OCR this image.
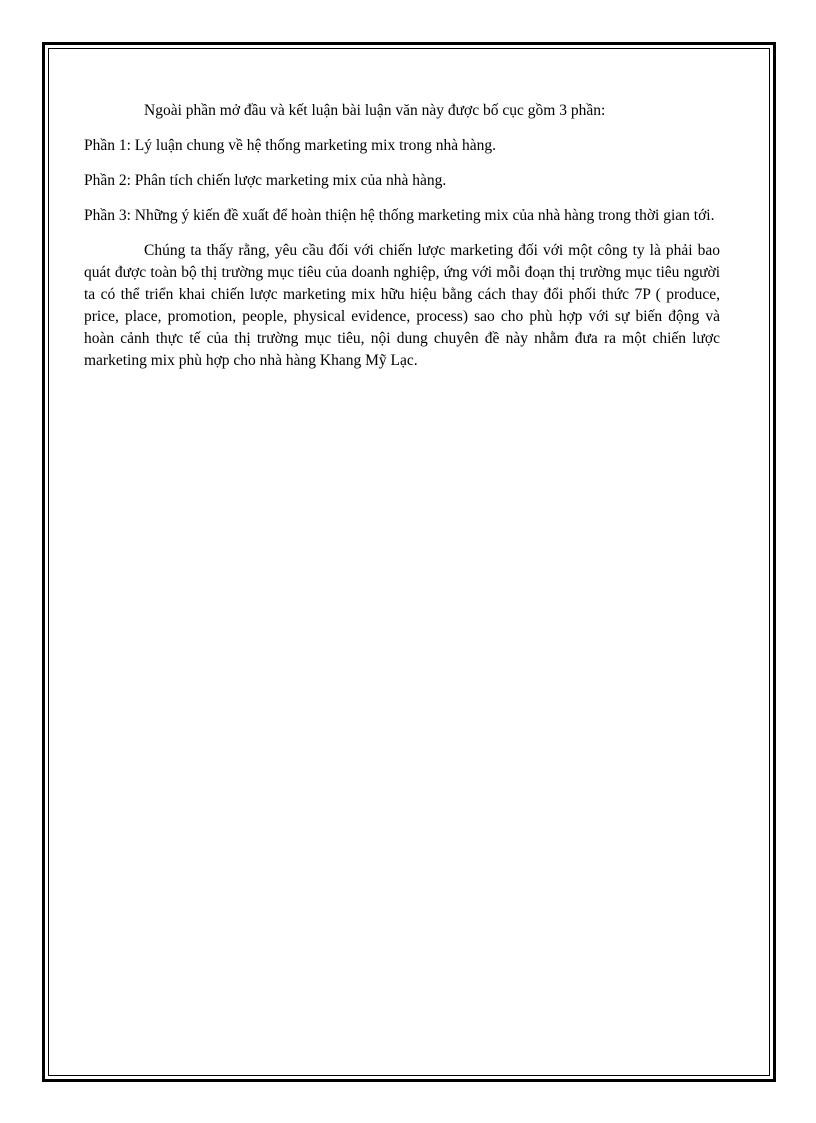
Ngoài phần mở đầu và kết luận bài luận văn này được bố cục gồm 3 phần:

Phần 1: Lý luận chung về hệ thống marketing mix trong nhà hàng.

Phần 2: Phân tích chiến lược marketing mix của nhà hàng.

Phần 3: Những ý kiến đề xuất để hoàn thiện hệ thống marketing mix của nhà hàng trong thời gian tới.

Chúng ta thấy rằng, yêu cầu đối với chiến lược marketing đối với một công ty là phải bao quát được toàn bộ thị trường mục tiêu của doanh nghiệp, ứng với mỗi đoạn thị trường mục tiêu người ta có thể triển khai chiến lược marketing mix hữu hiệu bằng cách thay đổi phối thức 7P ( produce, price, place, promotion, people, physical evidence, process) sao cho phù hợp với sự biến động và hoàn cảnh thực tế của thị trường mục tiêu, nội dung chuyên đề này nhằm đưa ra một chiến lược marketing mix phù hợp cho nhà hàng Khang Mỹ Lạc.
